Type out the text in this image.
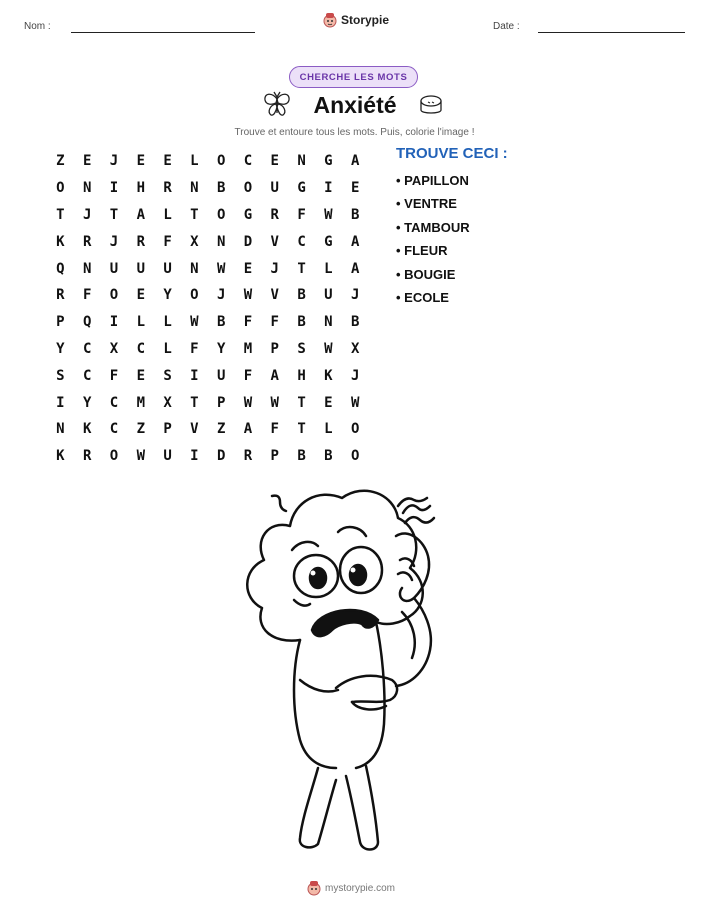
Nom :	Storypie	Date :
CHERCHE LES MOTS
Anxiété
Trouve et entoure tous les mots. Puis, colorie l'image !
Z	E	J	E	E	L	O	C	E	N	G	A
O	N	I	H	R	N	B	O	U	G	I	E
T	J	T	A	L	T	O	G	R	F	W	B
K	R	J	R	F	X	N	D	V	C	G	A
Q	N	U	U	U	N	W	E	J	T	L	A
R	F	O	E	Y	O	J	W	V	B	U	J
P	Q	I	L	L	W	B	F	F	B	N	B
Y	C	X	C	L	F	Y	M	P	S	W	X
S	C	F	E	S	I	U	F	A	H	K	J
I	Y	C	M	X	T	P	W	W	T	E	W
N	K	C	Z	P	V	Z	A	F	T	L	O
K	R	O	W	U	I	D	R	P	B	B	O
TROUVE CECI :
• PAPILLON
• VENTRE
• TAMBOUR
• FLEUR
• BOUGIE
• ECOLE
mystorypie.com
